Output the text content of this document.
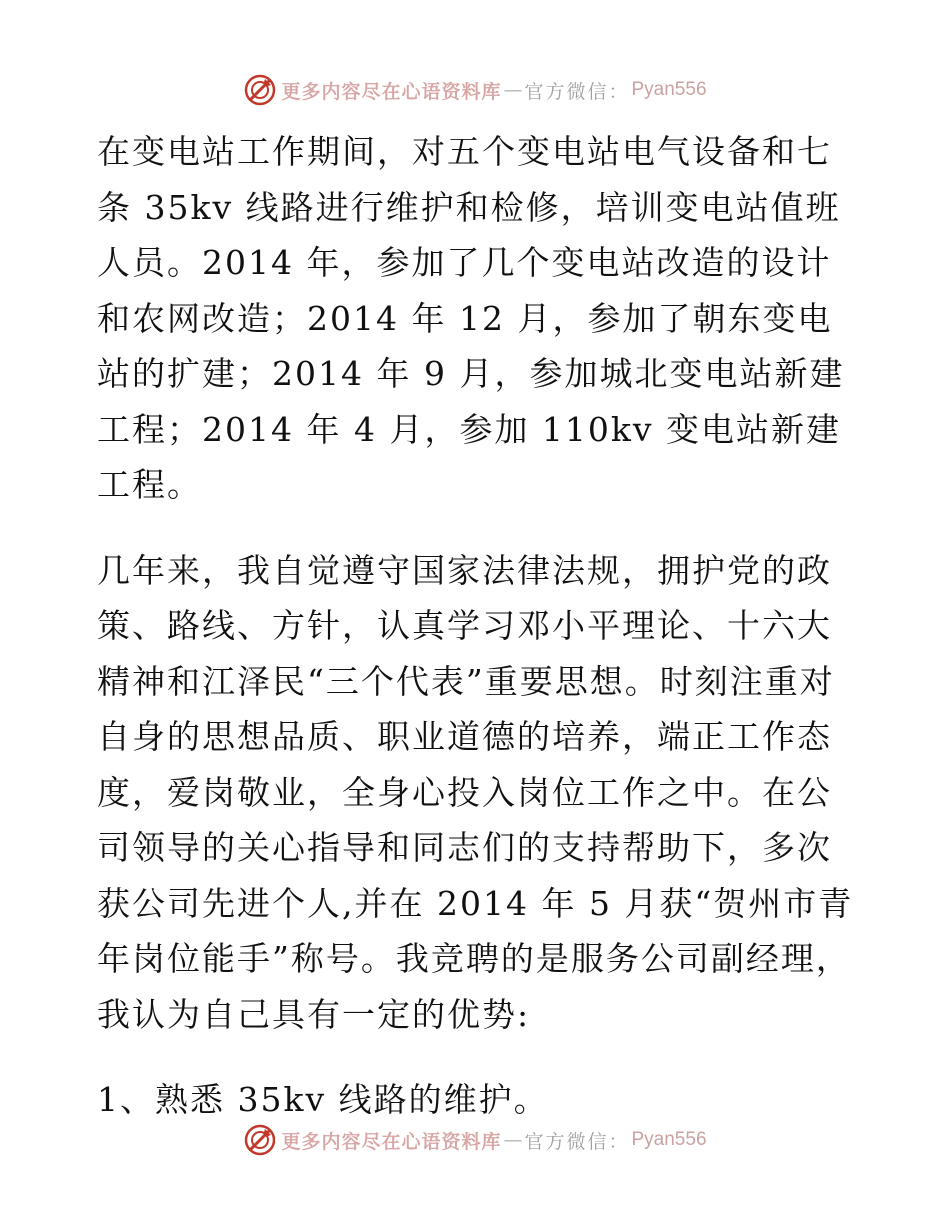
更多内容尽在心语资料库 — 官方微信： Pyan556

在变电站工作期间，对五个变电站电气设备和七条 35kv 线路进行维护和检修，培训变电站值班人员。2014 年，参加了几个变电站改造的设计和农网改造；2014 年 12 月，参加了朝东变电站的扩建；2014 年 9 月，参加城北变电站新建工程；2014 年 4 月，参加 110kv 变电站新建工程。

几年来，我自觉遵守国家法律法规，拥护党的政策、路线、方针，认真学习邓小平理论、十六大精神和江泽民“三个代表”重要思想。时刻注重对自身的思想品质、职业道德的培养，端正工作态度，爱岗敬业，全身心投入岗位工作之中。在公司领导的关心指导和同志们的支持帮助下，多次获公司先进个人,并在 2014 年 5 月获“贺州市青年岗位能手”称号。我竞聘的是服务公司副经理，我认为自己具有一定的优势:

1、熟悉 35kv 线路的维护。

更多内容尽在心语资料库 — 官方微信： Pyan556
